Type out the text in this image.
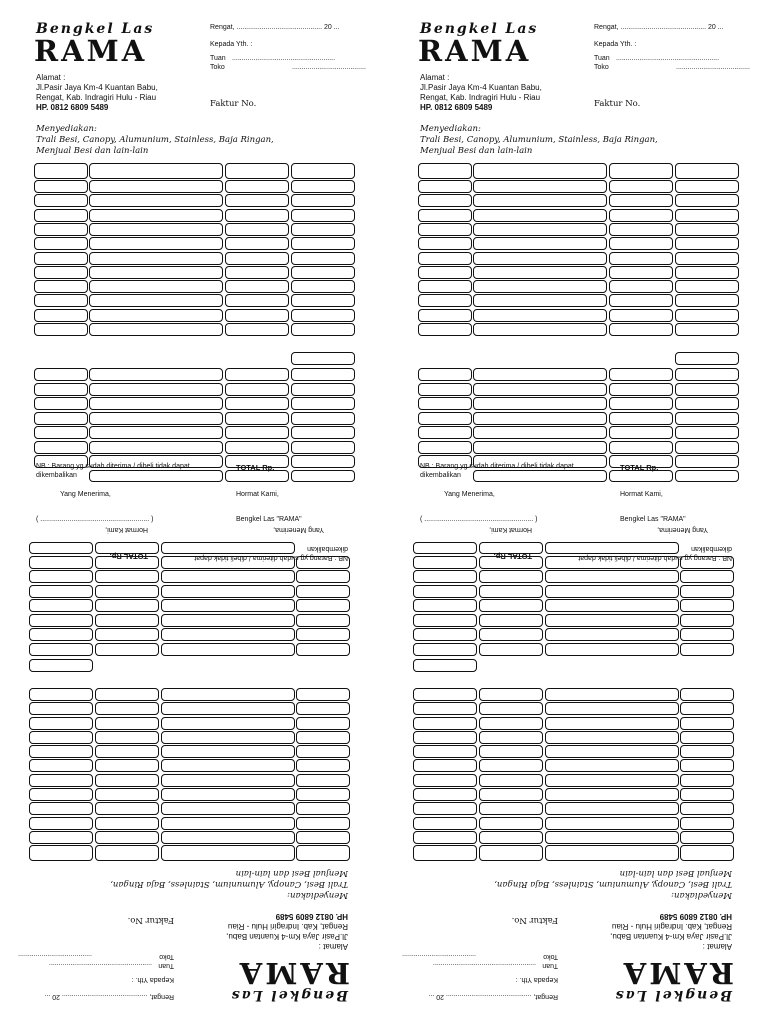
Bengkel Las
RAMA
Alamat :
Jl.Pasir Jaya Km-4 Kuantan Babu,
Rengat, Kab. Indragiri Hulu - Riau
HP. 0812 6809 5489
Rengat, ............................................ 20 ...
Kepada Yth. :
Tuan .....................................................
Toko	......................................
Faktur No.
Menyediakan:
Trali Besi, Canopy, Alumunium, Stainless, Baja Ringan,
Menjual Besi dan lain-lain
NB : Barang yg sudah diterima / dibeli tidak dapat dikembalikan
TOTAL Rp.
Yang Menerima,	Hormat Kami,
( ........................................................ )	Bengkel Las "RAMA"
Bengkel Las
RAMA
Alamat :
Jl.Pasir Jaya Km-4 Kuantan Babu,
Rengat, Kab. Indragiri Hulu - Riau
HP. 0812 6809 5489
Rengat, ............................................ 20 ...
Kepada Yth. :
Tuan .....................................................
Toko	......................................
Faktur No.
Menyediakan:
Trali Besi, Canopy, Alumunium, Stainless, Baja Ringan,
Menjual Besi dan lain-lain
NB : Barang yg sudah diterima / dibeli tidak dapat dikembalikan
TOTAL Rp.
Yang Menerima,	Hormat Kami,
( ........................................................ )	Bengkel Las "RAMA"
Bengkel Las
RAMA
Alamat :
Jl.Pasir Jaya Km-4 Kuantan Babu,
Rengat, Kab. Indragiri Hulu - Riau
HP. 0812 6809 5489
Rengat, ............................................ 20 ...
Kepada Yth. :
Tuan
.....................................................
Toko
......................................
Faktur No.
Menyediakan:
Trali Besi, Canopy, Alumunium, Stainless, Baja Ringan,
Menjual Besi dan lain-lain
NB : Barang yg sudah diterima / dibeli tidak dapat dikembalikan
TOTAL Rp.
Yang Menerima,
Hormat Kami,
Bengkel Las
RAMA
Alamat :
Jl.Pasir Jaya Km-4 Kuantan Babu,
Rengat, Kab. Indragiri Hulu - Riau
HP. 0812 6809 5489
Rengat, ............................................ 20 ...
Kepada Yth. :
Tuan
.....................................................
Toko
......................................
Faktur No.
Menyediakan:
Trali Besi, Canopy, Alumunium, Stainless, Baja Ringan,
Menjual Besi dan lain-lain
NB : Barang yg sudah diterima / dibeli tidak dapat dikembalikan
TOTAL Rp.
Yang Menerima,
Hormat Kami,
